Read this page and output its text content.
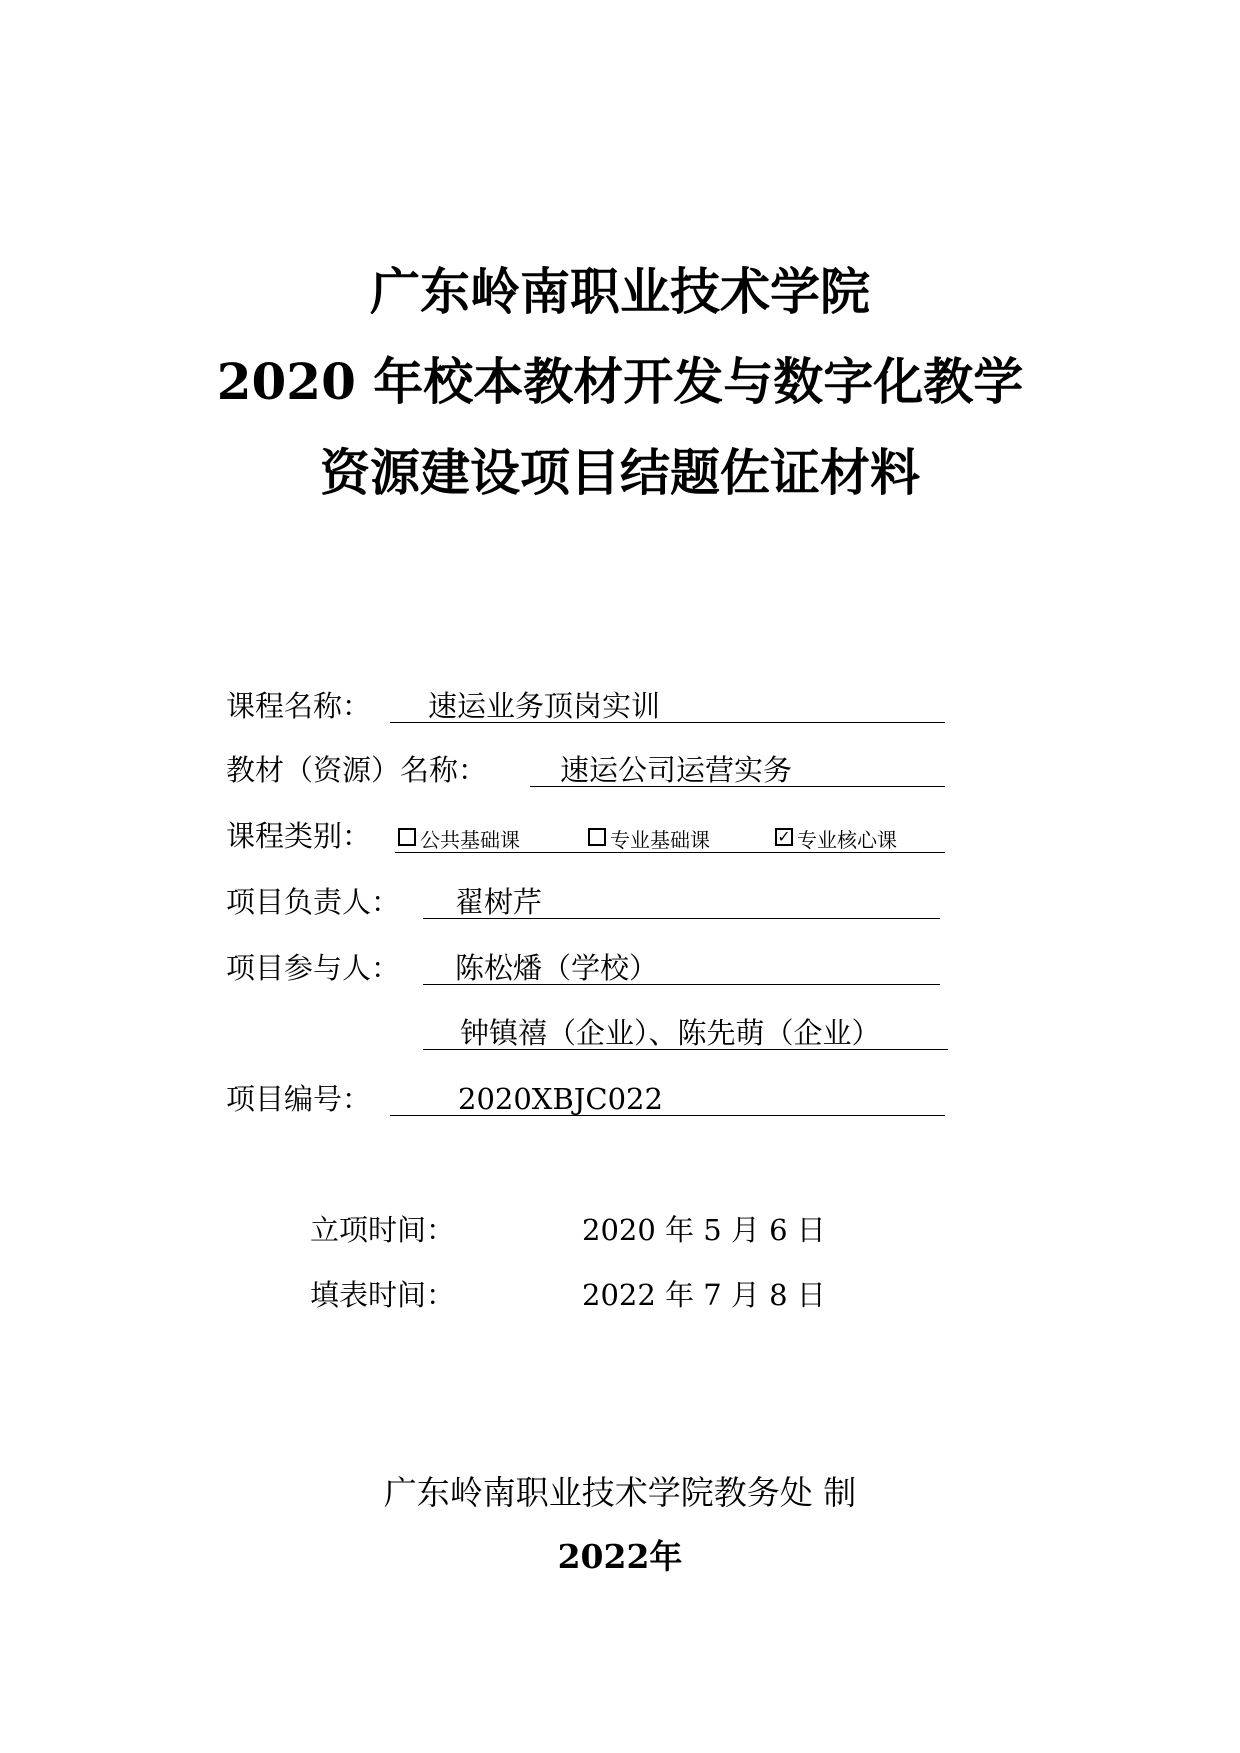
广东岭南职业技术学院
2020 年校本教材开发与数字化教学
资源建设项目结题佐证材料
课程名称： 速运业务顶岗实训
教材（资源）名称：	速运公司运营实务
课程类别： 公共基础课	专业基础课	✓ 专业核心课
项目负责人： 翟树芹
项目参与人： 陈松燔（学校）
钟镇禧（企业）、陈先萌（企业）
项目编号：	2020XBJC022
立项时间：	2020 年 5 月 6 日
填表时间：	2022 年 7 月 8 日
广东岭南职业技术学院教务处 制
2022年
